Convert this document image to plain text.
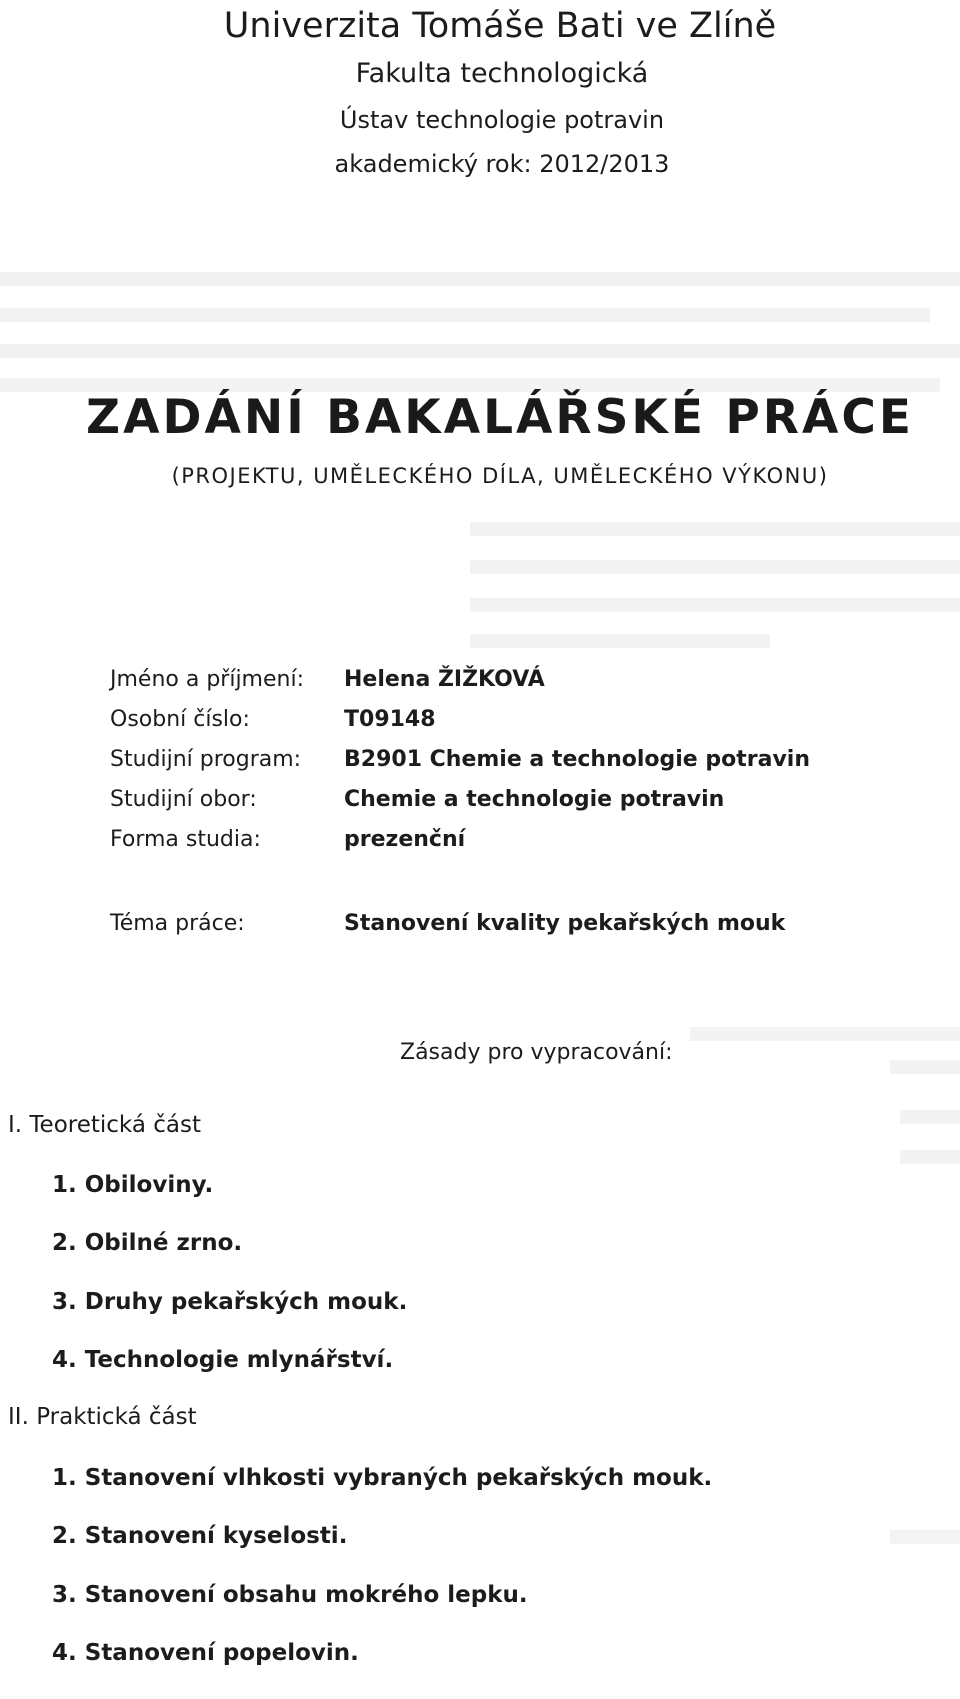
Univerzita Tomáše Bati ve Zlíně
Fakulta technologická
Ústav technologie potravin
akademický rok: 2012/2013
ZADÁNÍ BAKALÁŘSKÉ PRÁCE
(PROJEKTU, UMĚLECKÉHO DÍLA, UMĚLECKÉHO VÝKONU)
Jméno a příjmení: Helena ŽIŽKOVÁ
Osobní číslo:	T09148
Studijní program: B2901 Chemie a technologie potravin
Studijní obor:	Chemie a technologie potravin
Forma studia:	prezenční
Téma práce:	Stanovení kvality pekařských mouk
Zásady pro vypracování:
I. Teoretická část
1. Obiloviny.
2. Obilné zrno.
3. Druhy pekařských mouk.
4. Technologie mlynářství.
II. Praktická část
1. Stanovení vlhkosti vybraných pekařských mouk.
2. Stanovení kyselosti.
3. Stanovení obsahu mokrého lepku.
4. Stanovení popelovin.
